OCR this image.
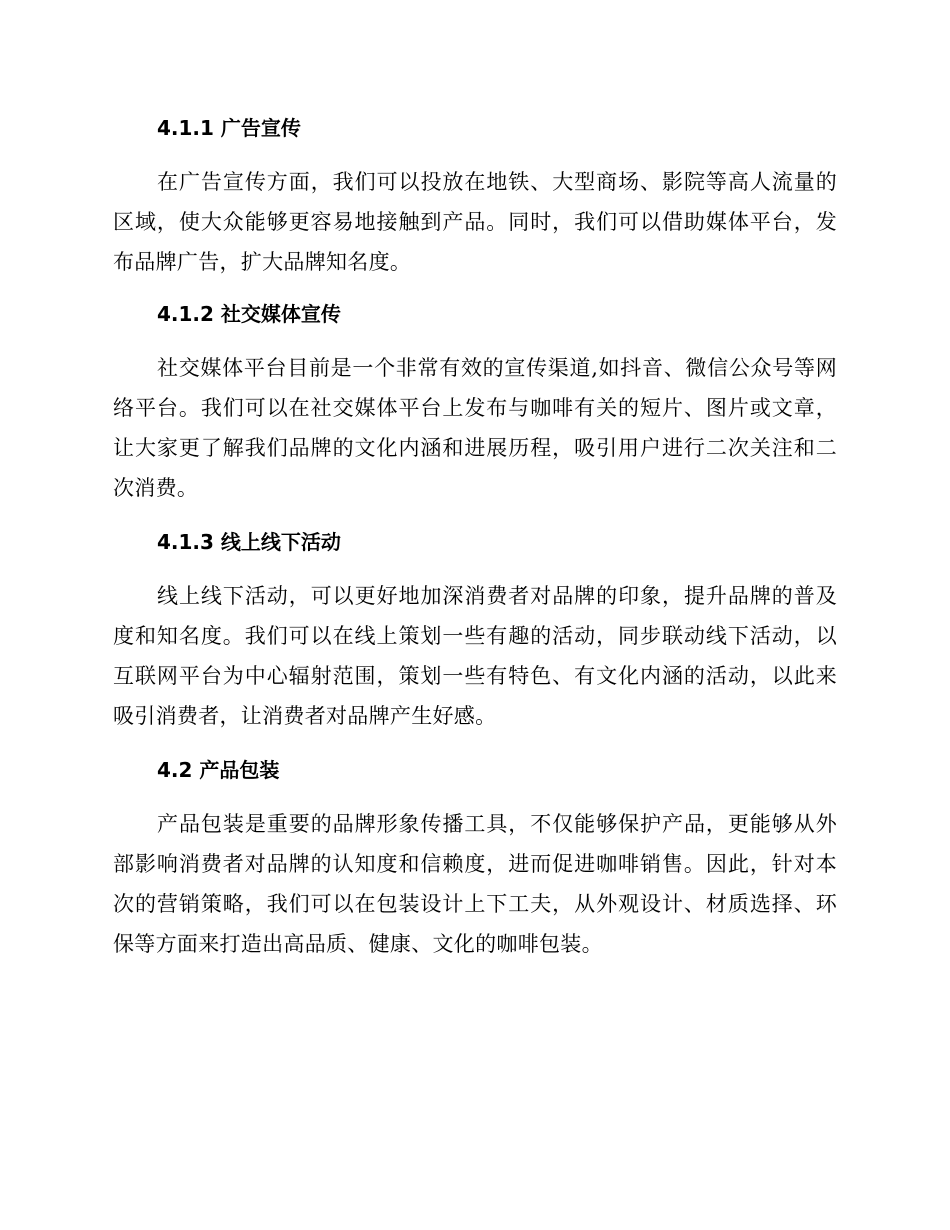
4.1.1 广告宣传

在广告宣传方面，我们可以投放在地铁、大型商场、影院等高人流量的区域，使大众能够更容易地接触到产品。同时，我们可以借助媒体平台，发布品牌广告，扩大品牌知名度。

4.1.2 社交媒体宣传

社交媒体平台目前是一个非常有效的宣传渠道,如抖音、微信公众号等网络平台。我们可以在社交媒体平台上发布与咖啡有关的短片、图片或文章，让大家更了解我们品牌的文化内涵和进展历程，吸引用户进行二次关注和二次消费。

4.1.3 线上线下活动

线上线下活动，可以更好地加深消费者对品牌的印象，提升品牌的普及度和知名度。我们可以在线上策划一些有趣的活动，同步联动线下活动，以互联网平台为中心辐射范围，策划一些有特色、有文化内涵的活动，以此来吸引消费者，让消费者对品牌产生好感。

4.2 产品包装

产品包装是重要的品牌形象传播工具，不仅能够保护产品，更能够从外部影响消费者对品牌的认知度和信赖度，进而促进咖啡销售。因此，针对本次的营销策略，我们可以在包装设计上下工夫，从外观设计、材质选择、环保等方面来打造出高品质、健康、文化的咖啡包装。
